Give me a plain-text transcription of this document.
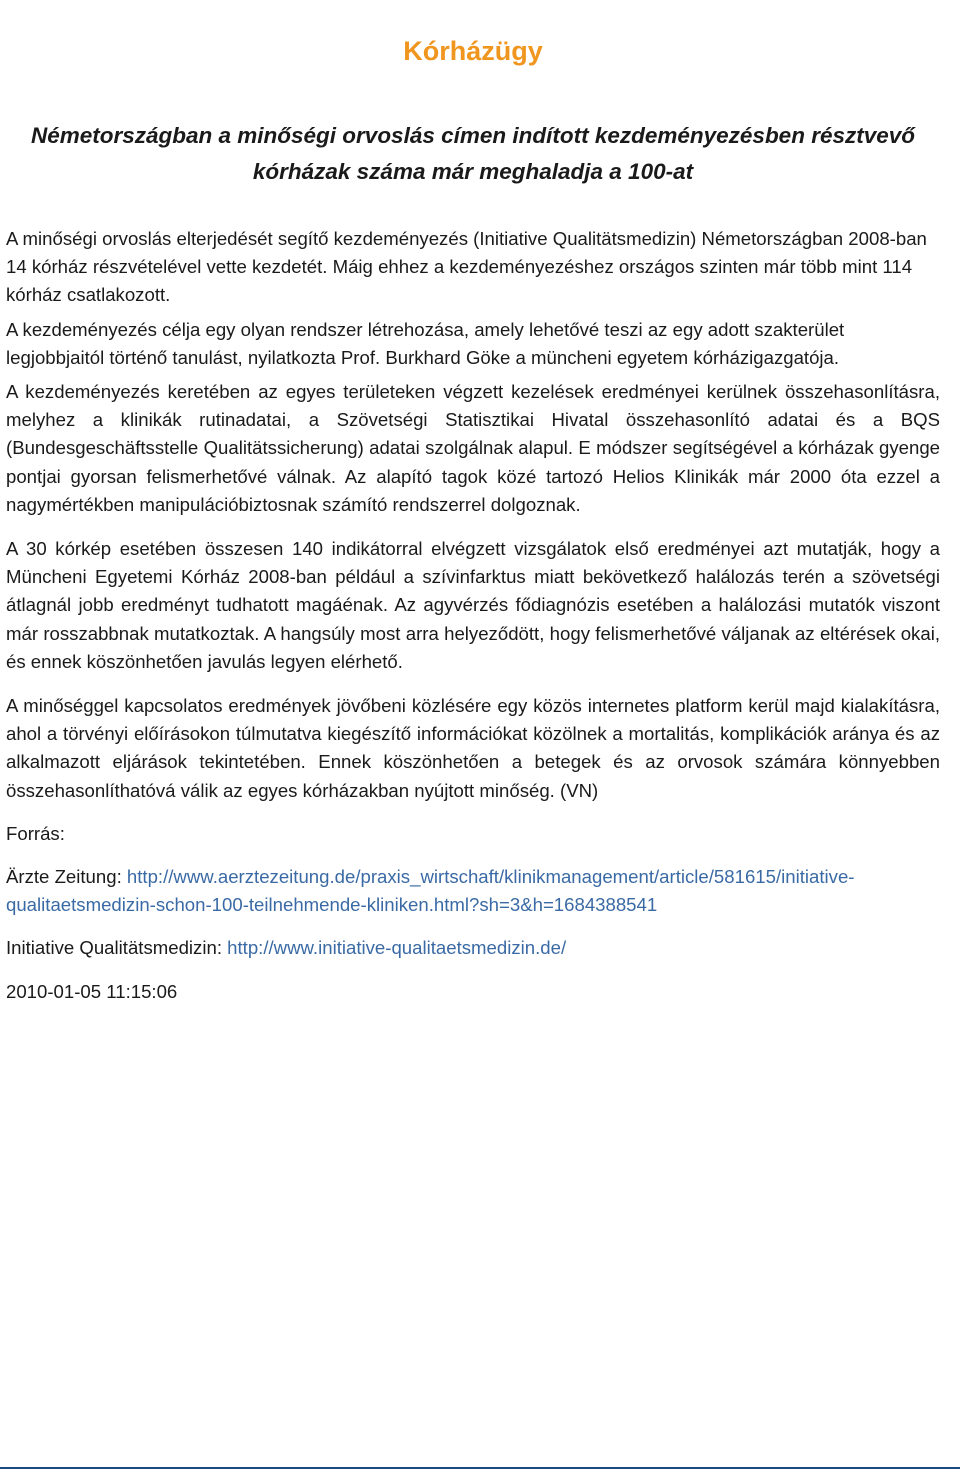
Kórházügy
Németországban a minőségi orvoslás címen indított kezdeményezésben résztvevő kórházak száma már meghaladja a 100-at

A minőségi orvoslás elterjedését segítő kezdeményezés (Initiative Qualitätsmedizin) Németországban 2008-ban 14 kórház részvételével vette kezdetét. Máig ehhez a kezdeményezéshez országos szinten már több mint 114 kórház csatlakozott.

A kezdeményezés célja egy olyan rendszer létrehozása, amely lehetővé teszi az egy adott szakterület legjobbjaitól történő tanulást, nyilatkozta Prof. Burkhard Göke a müncheni egyetem kórházigazgatója.

A kezdeményezés keretében az egyes területeken végzett kezelések eredményei kerülnek összehasonlításra, melyhez a klinikák rutinadatai, a Szövetségi Statisztikai Hivatal összehasonlító adatai és a BQS (Bundesgeschäftsstelle Qualitätssicherung) adatai szolgálnak alapul. E módszer segítségével a kórházak gyenge pontjai gyorsan felismerhetővé válnak. Az alapító tagok közé tartozó Helios Klinikák már 2000 óta ezzel a nagymértékben manipulációbiztosnak számító rendszerrel dolgoznak.

A 30 kórkép esetében összesen 140 indikátorral elvégzett vizsgálatok első eredményei azt mutatják, hogy a Müncheni Egyetemi Kórház 2008-ban például a szívinfarktus miatt bekövetkező halálozás terén a szövetségi átlagnál jobb eredményt tudhatott magáénak. Az agyvérzés fődiagnózis esetében a halálozási mutatók viszont már rosszabbnak mutatkoztak. A hangsúly most arra helyeződött, hogy felismerhetővé váljanak az eltérések okai, és ennek köszönhetően javulás legyen elérhető.

A minőséggel kapcsolatos eredmények jövőbeni közlésére egy közös internetes platform kerül majd kialakításra, ahol a törvényi előírásokon túlmutatva kiegészítő információkat közölnek a mortalitás, komplikációk aránya és az alkalmazott eljárások tekintetében. Ennek köszönhetően a betegek és az orvosok számára könnyebben összehasonlíthatóvá válik az egyes kórházakban nyújtott minőség. (VN)

Forrás:

Ärzte Zeitung: http://www.aerztezeitung.de/praxis_wirtschaft/klinikmanagement/article/581615/initiative-​qualitaetsmedizin-schon-100-teilnehmende-kliniken.html?sh=3&h=1684388541

Initiative Qualitätsmedizin: http://www.initiative-qualitaetsmedizin.de/

2010-01-05 11:15:06
